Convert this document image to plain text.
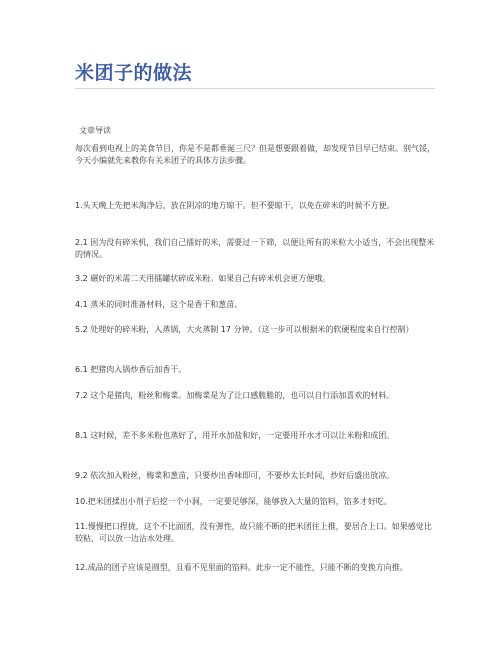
米团子的做法
文章导读
每次看到电视上的美食节目，你是不是都垂涎三尺？但是想要跟着做，却发现节目早已结束。别气馁，今天小编就先来教你有关米团子的具体方法步骤。

1.头天晚上先把米淘净后，放在阴凉的地方晾干。但不要晾干，以免在碎米的时候不方便。

2.1 因为没有碎米机，我们自己擂好的米，需要过一下筛，以便让所有的米粒大小适当，不会出现整米的情况。

3.2 碾好的米需二天用擂罐状碎成米粉。如果自己有碎米机会更方便哦。

4.1 蒸米的同时准备材料，这个是香干和葱苗。

5.2 处理好的碎米粉，入蒸锅，大火蒸制 17 分钟。（这一步可以根据米的软硬程度来自行控制）

6.1 把猪肉入锅炒香后加香干。

7.2 这个是猪肉，粉丝和梅菜。加梅菜是为了让口感脆脆的，也可以自行添加喜欢的材料。

8.1 这时候，差不多米粉也蒸好了，用开水加盐和好，一定要用开水才可以让米粉和成团。

9.2 依次加入粉丝，梅菜和葱苗，只要炒出香味即可，不要炒太长时间，炒好后盛出放凉。

10.把米团揉出小剂子后挖一个小洞，一定要足够深，能够放入大量的馅料，馅多才好吃。

11.慢慢把口捏拢，这个不比面团，没有弹性，故只能不断的把米团往上推，要居合上口。如果感觉比较粘，可以放一边沾水处理。

12.成品的团子应该是圆型，且看不见里面的馅料。此步一定不能性，只能不断的变换方向推。
